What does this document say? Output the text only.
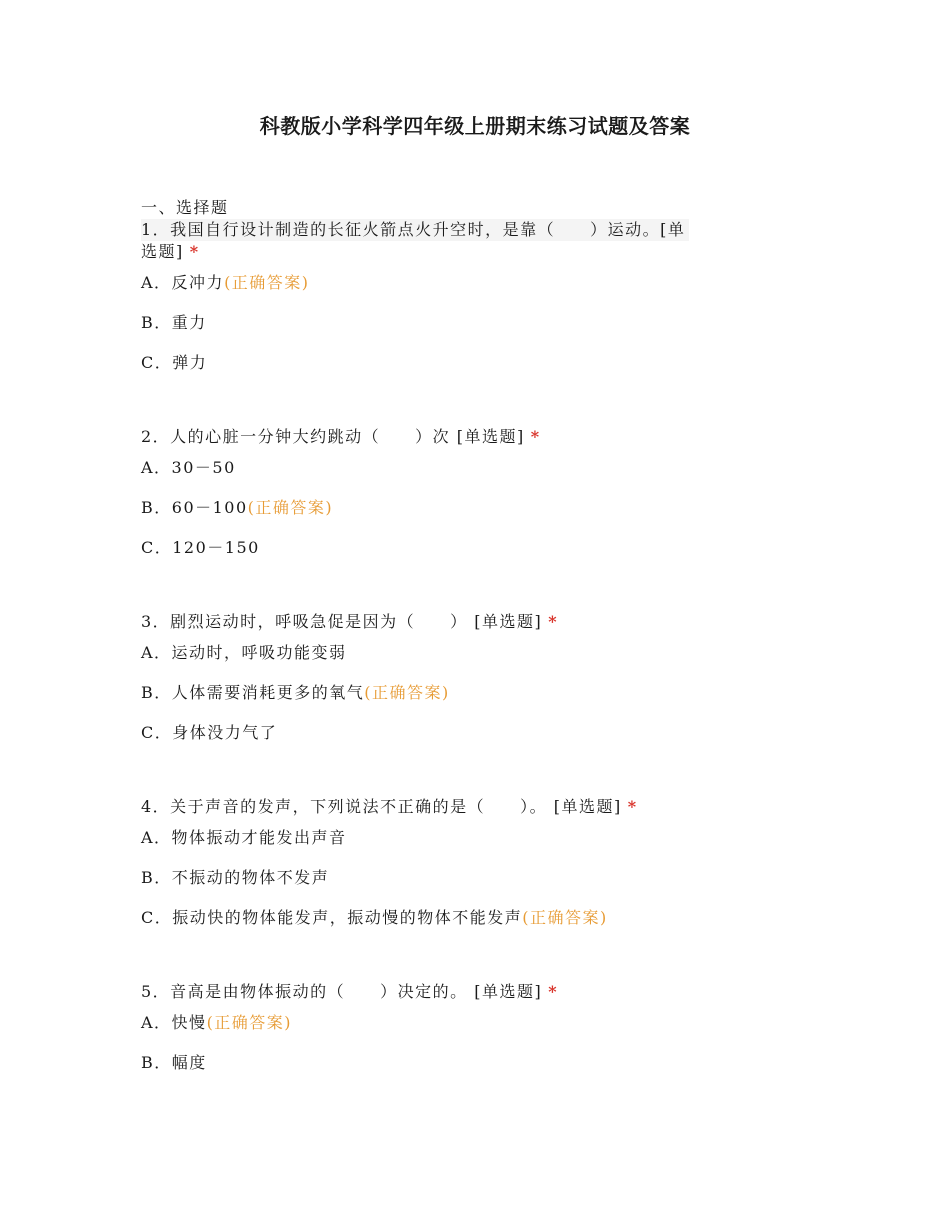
科教版小学科学四年级上册期末练习试题及答案
一、选择题
1．我国自行设计制造的长征火箭点火升空时，是靠（　　）运动。[单选题] *
A．反冲力(正确答案)
B．重力
C．弹力
2．人的心脏一分钟大约跳动（　　）次 [单选题] *
A．30－50
B．60－100(正确答案)
C．120－150
3．剧烈运动时，呼吸急促是因为（　　） [单选题] *
A．运动时，呼吸功能变弱
B．人体需要消耗更多的氧气(正确答案)
C．身体没力气了
4．关于声音的发声，下列说法不正确的是（　　）。 [单选题] *
A．物体振动才能发出声音
B．不振动的物体不发声
C．振动快的物体能发声，振动慢的物体不能发声(正确答案)
5．音高是由物体振动的（　　）决定的。 [单选题] *
A．快慢(正确答案)
B．幅度
